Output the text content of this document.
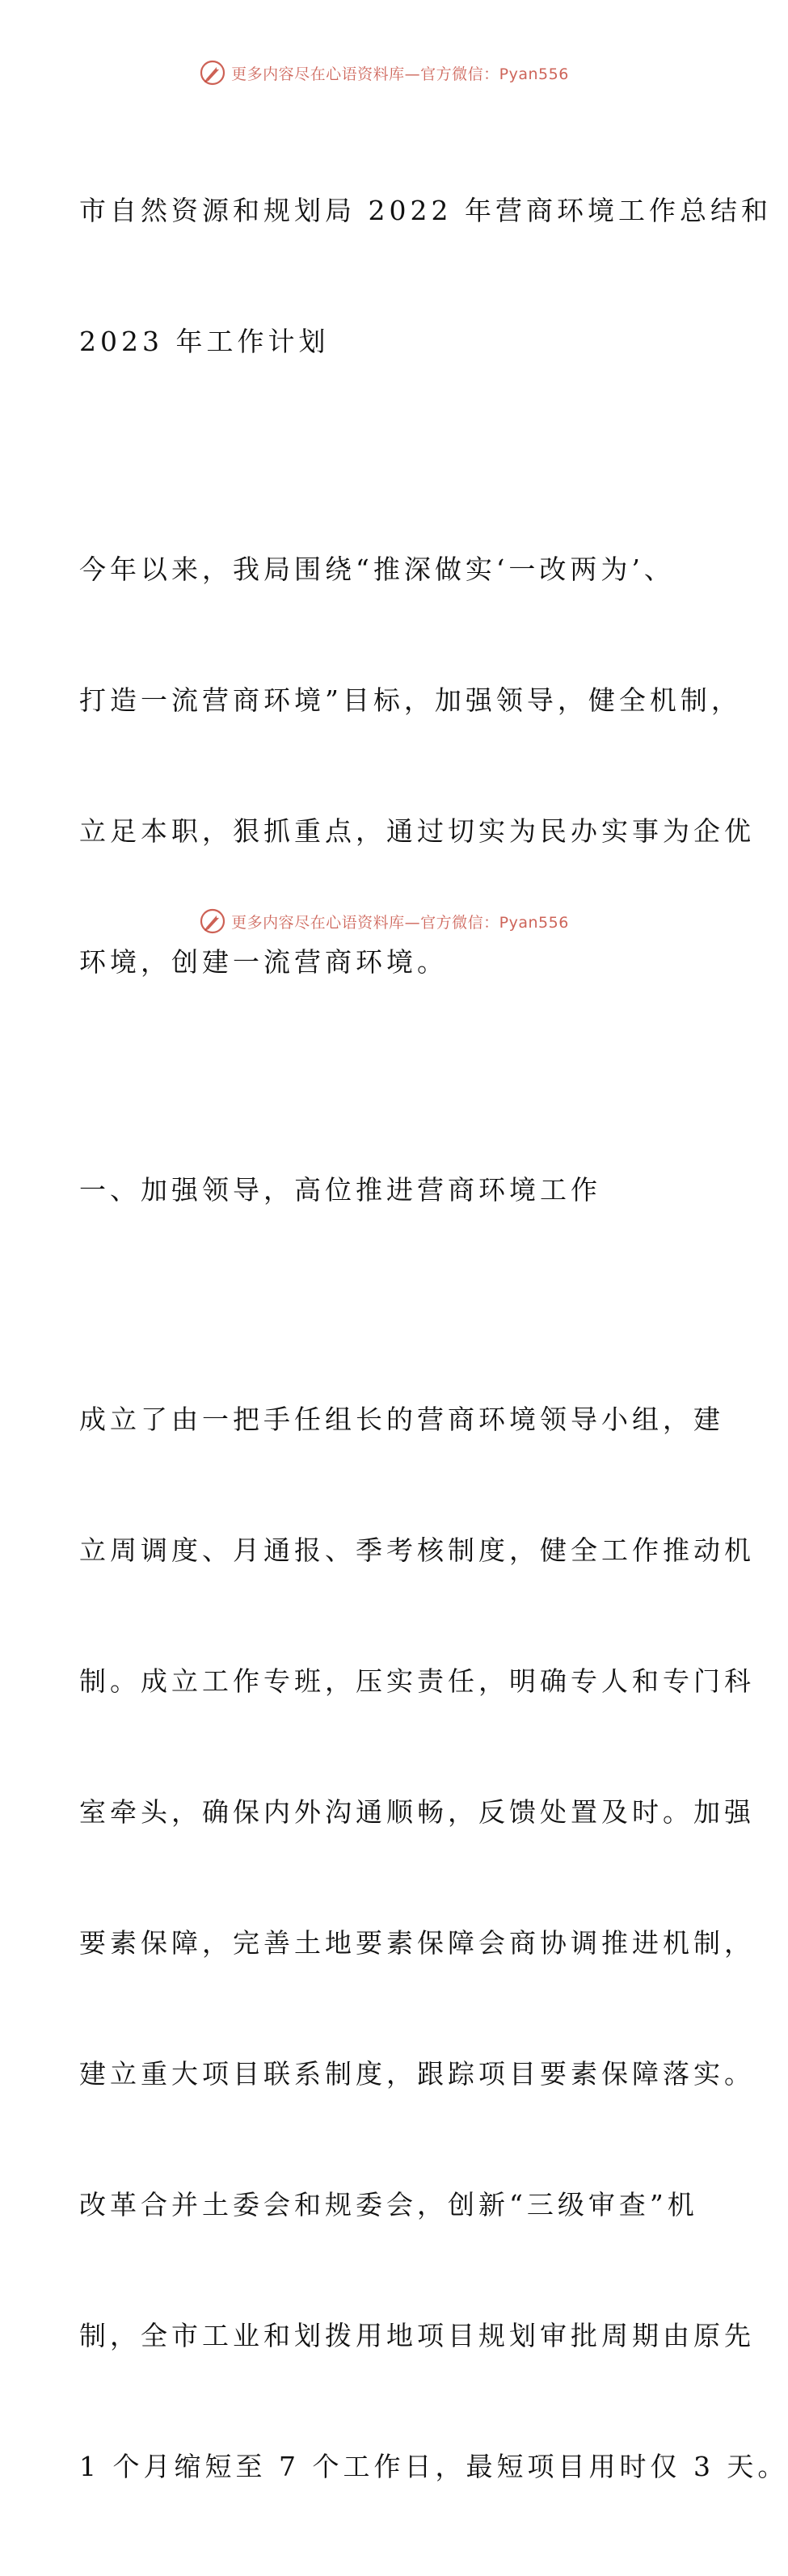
更多内容尽在心语资料库—官方微信：Pyan556

市自然资源和规划局 2022 年营商环境工作总结和

2023 年工作计划

今年以来，我局围绕“推深做实‘一改两为’、

打造一流营商环境”目标，加强领导，健全机制，

立足本职，狠抓重点，通过切实为民办实事为企优

环境，创建一流营商环境。

一、加强领导，高位推进营商环境工作

成立了由一把手任组长的营商环境领导小组，建

立周调度、月通报、季考核制度，健全工作推动机

制。成立工作专班，压实责任，明确专人和专门科

室牵头，确保内外沟通顺畅，反馈处置及时。加强

要素保障，完善土地要素保障会商协调推进机制，

建立重大项目联系制度，跟踪项目要素保障落实。

改革合并土委会和规委会，创新“三级审查”机

制，全市工业和划拨用地项目规划审批周期由原先

1 个月缩短至 7 个工作日，最短项目用时仅 3 天。

更多内容尽在心语资料库—官方微信：Pyan556
